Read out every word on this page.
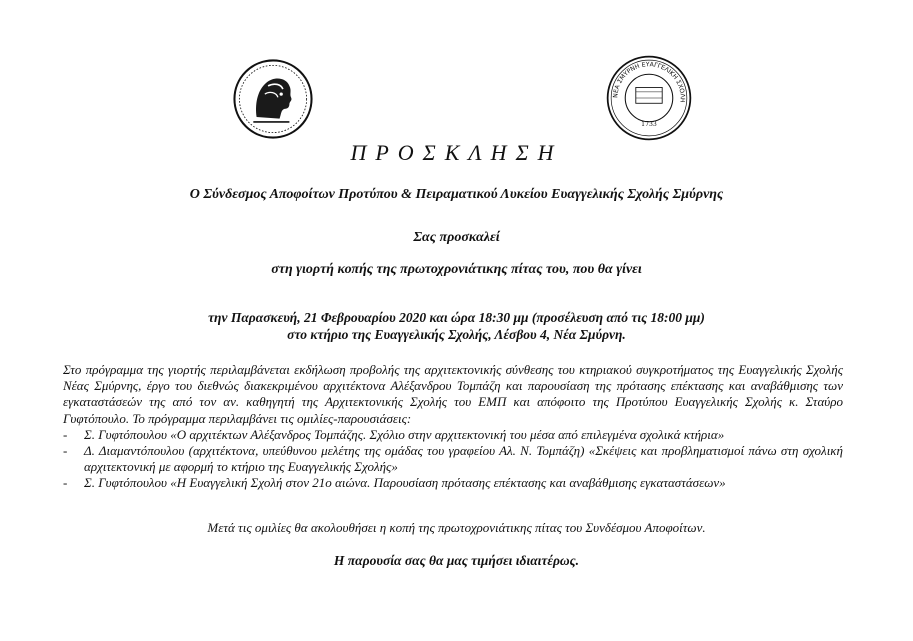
ΝΕΑ ΣΜΥΡΝΗ ΕΥΑΓΓΕΛΙΚΗ ΣΧΟΛΗ
1733
ΠΡΟΣΚΛΗΣΗ
Ο Σύνδεσμος Αποφοίτων Προτύπου & Πειραματικού Λυκείου Ευαγγελικής Σχολής Σμύρνης
Σας προσκαλεί
στη γιορτή κοπής της πρωτοχρονιάτικης πίτας του, που θα γίνει
την Παρασκευή, 21 Φεβρουαρίου 2020 και ώρα 18:30 μμ (προσέλευση από τις 18:00 μμ)
στο κτήριο της Ευαγγελικής Σχολής, Λέσβου 4, Νέα Σμύρνη.

Στο πρόγραμμα της γιορτής περιλαμβάνεται εκδήλωση προβολής της αρχιτεκτονικής σύνθεσης του κτηριακού συγκροτήματος της Ευαγγελικής Σχολής Νέας Σμύρνης, έργο του διεθνώς διακεκριμένου αρχιτέκτονα Αλέξανδρου Τομπάζη και παρουσίαση της πρότασης επέκτασης και αναβάθμισης των εγκαταστάσεών της από τον αν. καθηγητή της Αρχιτεκτονικής Σχολής του ΕΜΠ και απόφοιτο της Προτύπου Ευαγγελικής Σχολής κ. Σταύρο Γυφτόπουλο. Το πρόγραμμα περιλαμβάνει τις ομιλίες-παρουσιάσεις:

- Σ. Γυφτόπουλου «Ο αρχιτέκτων Αλέξανδρος Τομπάζης. Σχόλιο στην αρχιτεκτονική του μέσα από επιλεγμένα σχολικά κτήρια»
- Δ. Διαμαντόπουλου (αρχιτέκτονα, υπεύθυνου μελέτης της ομάδας του γραφείου Αλ. Ν. Τομπάζη) «Σκέψεις και προβληματισμοί πάνω στη σχολική αρχιτεκτονική με αφορμή το κτήριο της Ευαγγελικής Σχολής»
- Σ. Γυφτόπουλου «Η Ευαγγελική Σχολή στον 21ο αιώνα. Παρουσίαση πρότασης επέκτασης και αναβάθμισης εγκαταστάσεων»
Μετά τις ομιλίες θα ακολουθήσει η κοπή της πρωτοχρονιάτικης πίτας του Συνδέσμου Αποφοίτων.
Η παρουσία σας θα μας τιμήσει ιδιαιτέρως.
